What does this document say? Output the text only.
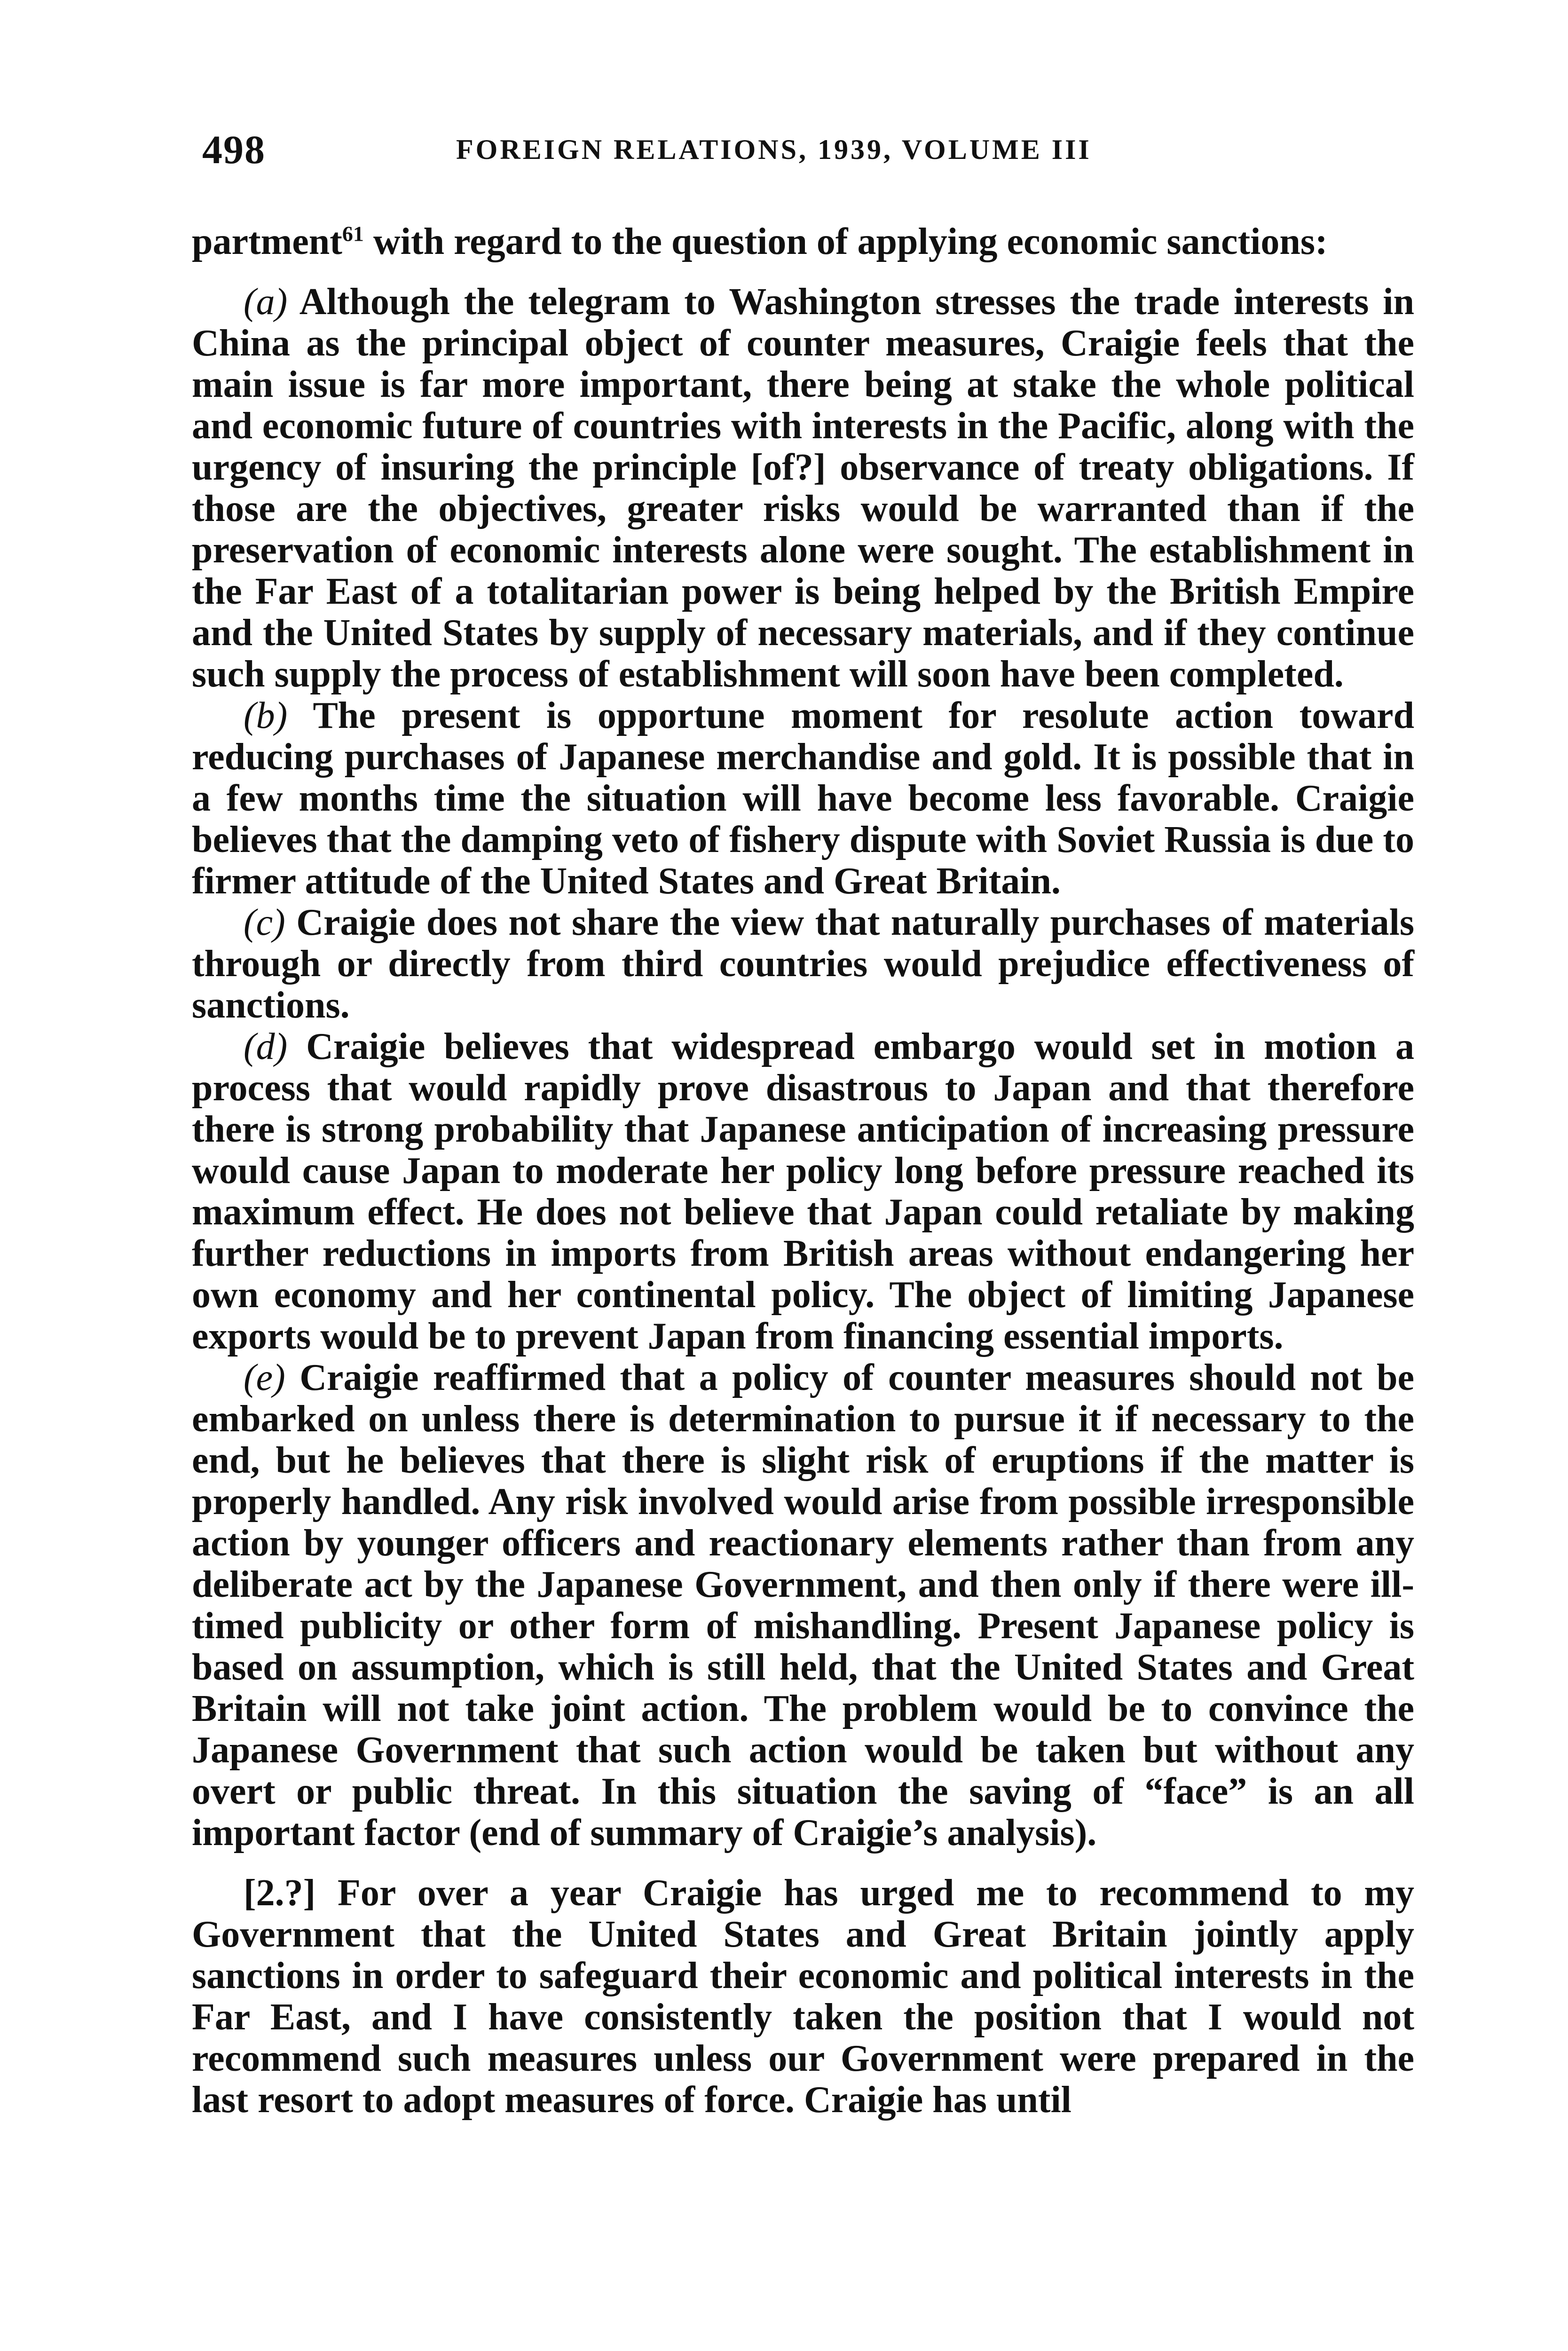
498	FOREIGN RELATIONS, 1939, VOLUME III

partment$^{61}$ with regard to the question of applying economic sanctions:

(a) Although the telegram to Washington stresses the trade interests in China as the principal object of counter measures, Craigie feels that the main issue is far more important, there being at stake the whole political and economic future of countries with interests in the Pacific, along with the urgency of insuring the principle [of?] observance of treaty obligations. If those are the objectives, greater risks would be warranted than if the preservation of economic interests alone were sought. The establishment in the Far East of a totalitarian power is being helped by the British Empire and the United States by supply of necessary materials, and if they continue such supply the process of establishment will soon have been completed.

(b) The present is opportune moment for resolute action toward reducing purchases of Japanese merchandise and gold. It is possible that in a few months time the situation will have become less favorable. Craigie believes that the damping veto of fishery dispute with Soviet Russia is due to firmer attitude of the United States and Great Britain.

(c) Craigie does not share the view that naturally purchases of materials through or directly from third countries would prejudice effectiveness of sanctions.

(d) Craigie believes that widespread embargo would set in motion a process that would rapidly prove disastrous to Japan and that therefore there is strong probability that Japanese anticipation of increasing pressure would cause Japan to moderate her policy long before pressure reached its maximum effect. He does not believe that Japan could retaliate by making further reductions in imports from British areas without endangering her own economy and her continental policy. The object of limiting Japanese exports would be to prevent Japan from financing essential imports.

(e) Craigie reaffirmed that a policy of counter measures should not be embarked on unless there is determination to pursue it if necessary to the end, but he believes that there is slight risk of eruptions if the matter is properly handled. Any risk involved would arise from possible irresponsible action by younger officers and reactionary elements rather than from any deliberate act by the Japanese Government, and then only if there were ill-timed publicity or other form of mishandling. Present Japanese policy is based on assumption, which is still held, that the United States and Great Britain will not take joint action. The problem would be to convince the Japanese Government that such action would be taken but without any overt or public threat. In this situation the saving of “face” is an all important factor (end of summary of Craigie’s analysis).

[2.?] For over a year Craigie has urged me to recommend to my Government that the United States and Great Britain jointly apply sanctions in order to safeguard their economic and political interests in the Far East, and I have consistently taken the position that I would not recommend such measures unless our Government were prepared in the last resort to adopt measures of force. Craigie has until
